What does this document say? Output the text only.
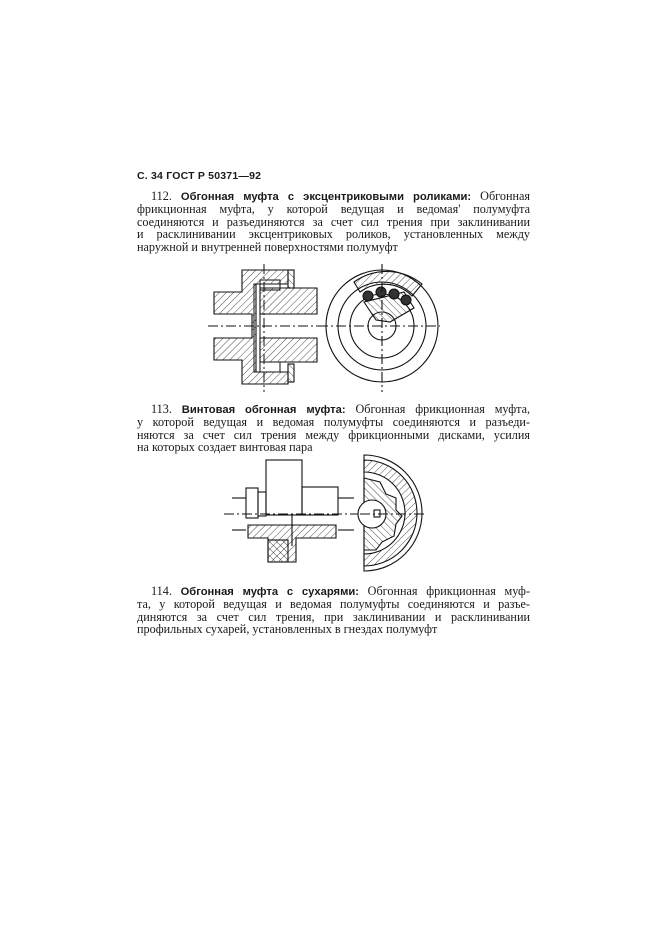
С. 34 ГОСТ Р 50371—92
112. Обгонная муфта с эксцентриковыми роликами: Обгонная
фрикционная муфта, у которой ведущая и ведомая' полумуфта
соединяются и разъединяются за счет сил трения при заклинивании
и расклинивании эксцентриковых роликов, установленных между
наружной и внутренней поверхностями полумуфт
113. Винтовая обгонная муфта: Обгонная фрикционная муфта,
у которой ведущая и ведомая полумуфты соединяются и разъеди-
няются за счет сил трения между фрикционными дисками, усилия
на которых создает винтовая пара
114. Обгонная муфта с сухарями: Обгонная фрикционная муф-
та, у которой ведущая и ведомая полумуфты соединяются и разъе-
диняются за счет сил трения, при заклинивании и расклинивании
профильных сухарей, установленных в гнездах полумуфт
